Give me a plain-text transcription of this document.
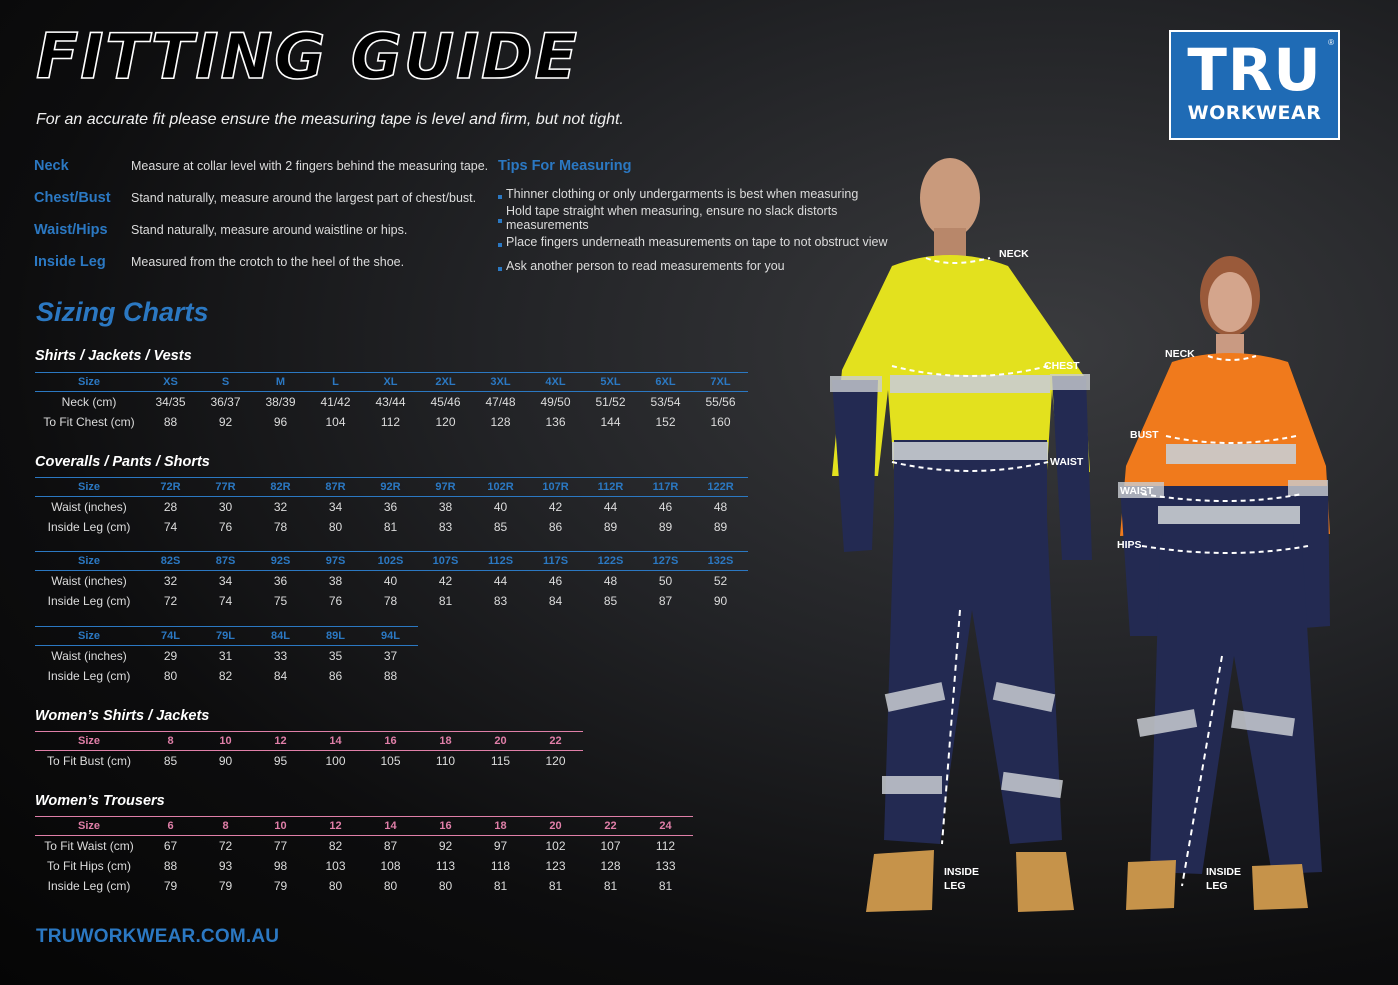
FITTING GUIDE
For an accurate fit please ensure the measuring tape is level and firm, but not tight.
Neck	Measure at collar level with 2 fingers behind the measuring tape.
Chest/Bust	Stand naturally, measure around the largest part of chest/bust.
Waist/Hips	Stand naturally, measure around waistline or hips.
Inside Leg	Measured from the crotch to the heel of the shoe.
Tips For Measuring
Thinner clothing or only undergarments is best when measuring
Hold tape straight when measuring, ensure no slack distorts measurements
Place fingers underneath measurements on tape to not obstruct view
Ask another person to read measurements for you
Sizing Charts
Shirts / Jackets / Vests
Size	XS	S	M	L	XL	2XL	3XL	4XL	5XL	6XL	7XL
Neck (cm)	34/35	36/37	38/39	41/42	43/44	45/46	47/48	49/50	51/52	53/54	55/56
To Fit Chest (cm)	88	92	96	104	112	120	128	136	144	152	160
Coveralls / Pants / Shorts
Size	72R	77R	82R	87R	92R	97R	102R	107R	112R	117R	122R
Waist (inches)	28	30	32	34	36	38	40	42	44	46	48
Inside Leg (cm)	74	76	78	80	81	83	85	86	89	89	89
Size	82S	87S	92S	97S	102S	107S	112S	117S	122S	127S	132S
Waist (inches)	32	34	36	38	40	42	44	46	48	50	52
Inside Leg (cm)	72	74	75	76	78	81	83	84	85	87	90
Size	74L	79L	84L	89L	94L
Waist (inches)	29	31	33	35	37
Inside Leg (cm)	80	82	84	86	88
Women’s Shirts / Jackets
Size	8	10	12	14	16	18	20	22
To Fit Bust (cm)	85	90	95	100	105	110	115	120
Women’s Trousers
Size	6	8	10	12	14	16	18	20	22	24
To Fit Waist (cm)	67	72	77	82	87	92	97	102	107	112
To Fit Hips (cm)	88	93	98	103	108	113	118	123	128	133
Inside Leg (cm)	79	79	79	80	80	80	81	81	81	81
TRUWORKWEAR.COM.AU
®
TRU
WORKWEAR
NECK
CHEST
WAIST
INSIDE
LEG
NECK
BUST
WAIST
HIPS
INSIDE
LEG
